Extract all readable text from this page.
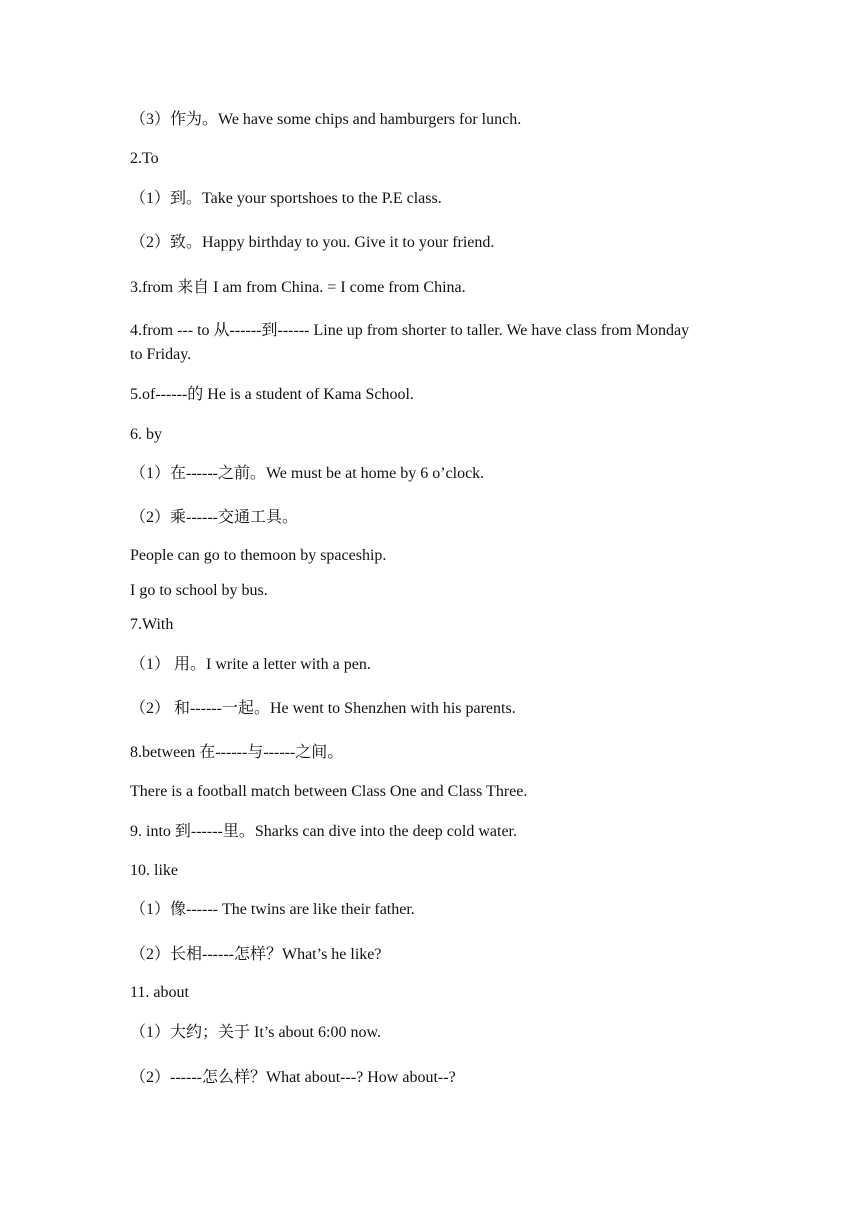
（3）作为。We have some chips and hamburgers for lunch.
2.To
（1）到。Take your sportshoes to the P.E class.
（2）致。Happy birthday to you. Give it to your friend.
3.from 来自 I am from China. = I come from China.
4.from --- to 从------到------ Line up from shorter to taller. We have class from Monday to Friday.
5.of------的 He is a student of Kama School.
6. by
（1）在------之前。We must be at home by 6 o’clock.
（2）乘------交通工具。
People can go to themoon by spaceship.
I go to school by bus.
7.With
（1） 用。I write a letter with a pen.
（2） 和------一起。He went to Shenzhen with his parents.
8.between 在------与------之间。
There is a football match between Class One and Class Three.
9. into 到------里。Sharks can dive into the deep cold water.
10. like
（1）像------ The twins are like their father.
（2）长相------怎样？What’s he like?
11. about
（1）大约；关于 It’s about 6:00 now.
（2）------怎么样？What about---? How about--?
